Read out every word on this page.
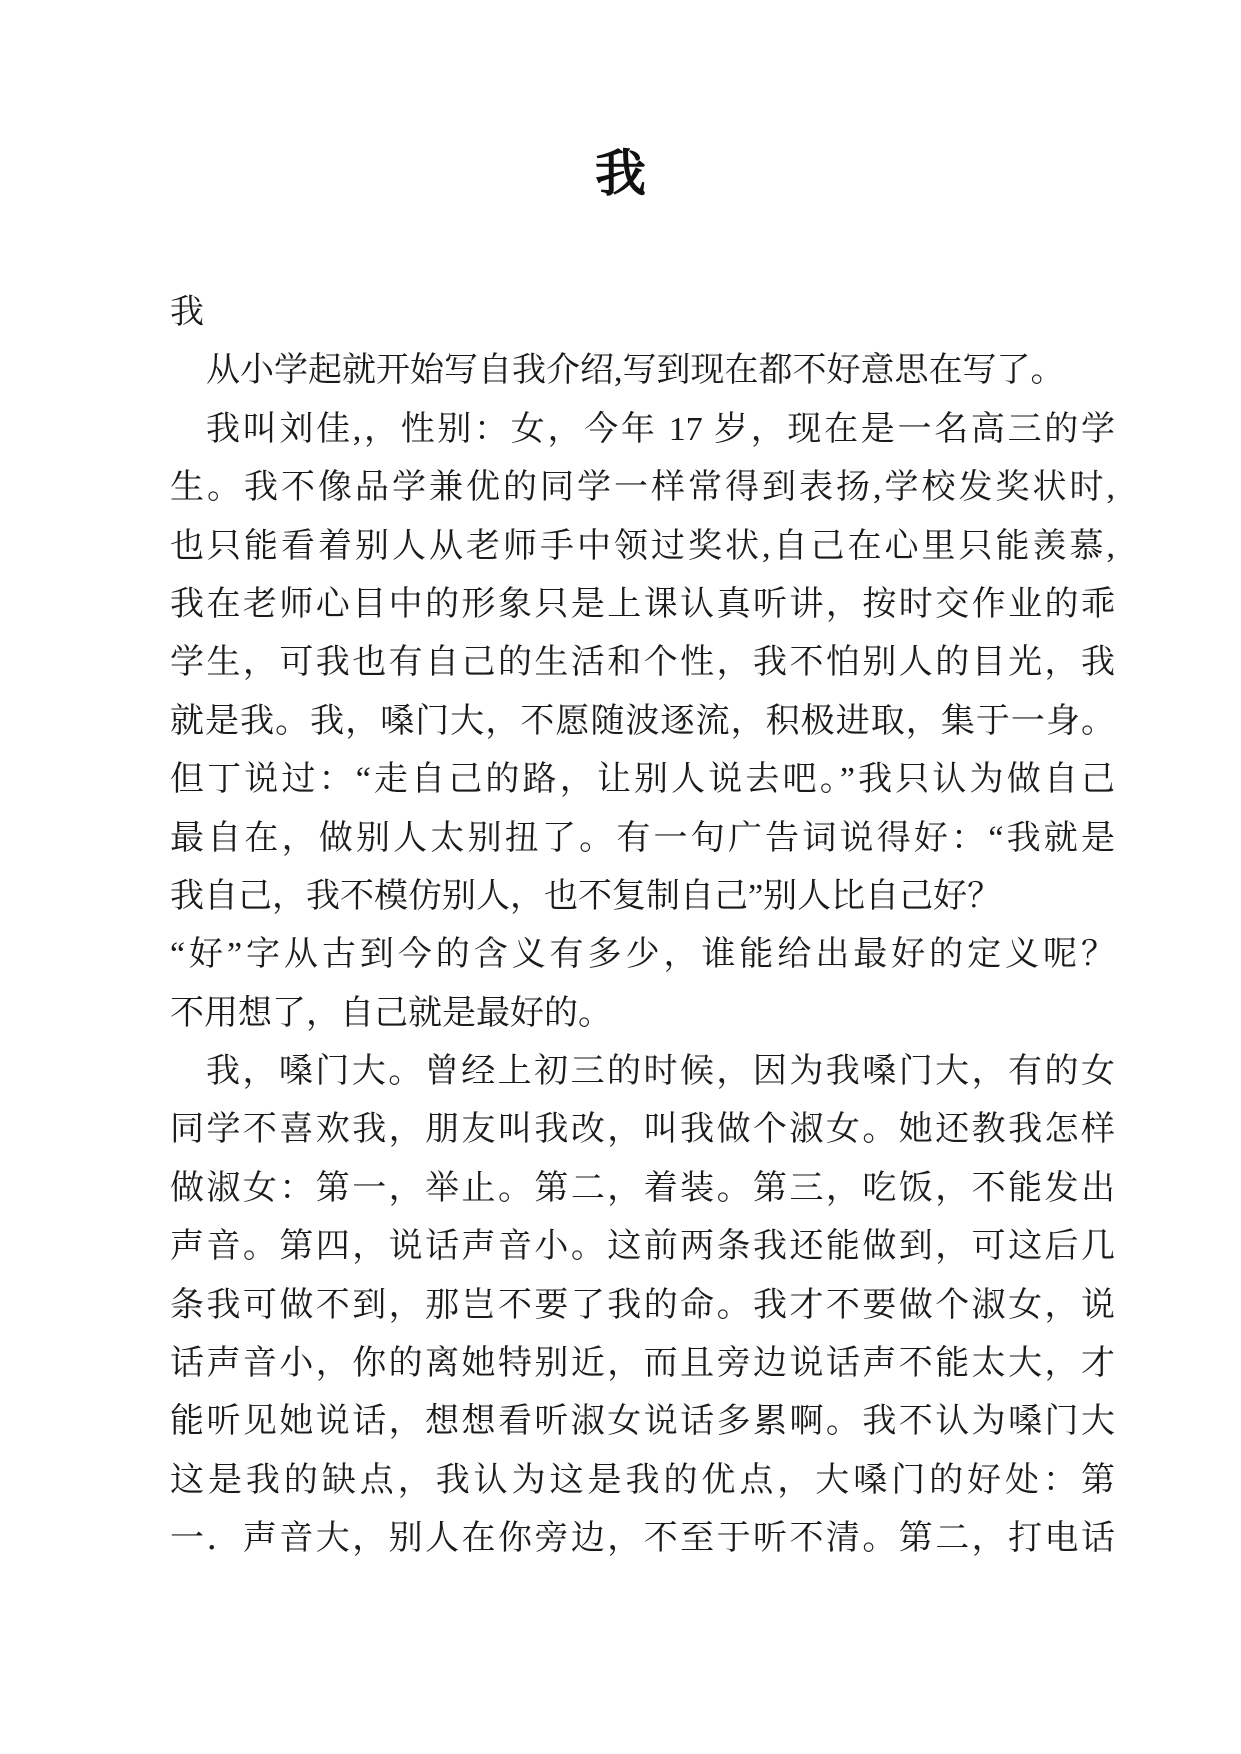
我
我
从小学起就开始写自我介绍,写到现在都不好意思在写了。
我叫刘佳,，性别：女，今年 17 岁，现在是一名高三的学
生。我不像品学兼优的同学一样常得到表扬,学校发奖状时,
也只能看着别人从老师手中领过奖状,自己在心里只能羡慕,
我在老师心目中的形象只是上课认真听讲，按时交作业的乖
学生，可我也有自己的生活和个性，我不怕别人的目光，我
就是我。我，嗓门大，不愿随波逐流，积极进取，集于一身。
但丁说过：“走自己的路，让别人说去吧。”我只认为做自己
最自在，做别人太别扭了。有一句广告词说得好：“我就是
我自己，我不模仿别人，也不复制自己”别人比自己好？
“好”字从古到今的含义有多少，谁能给出最好的定义呢？
不用想了，自己就是最好的。
我，嗓门大。曾经上初三的时候，因为我嗓门大，有的女
同学不喜欢我，朋友叫我改，叫我做个淑女。她还教我怎样
做淑女：第一，举止。第二，着装。第三，吃饭，不能发出
声音。第四，说话声音小。这前两条我还能做到，可这后几
条我可做不到，那岂不要了我的命。我才不要做个淑女，说
话声音小，你的离她特别近，而且旁边说话声不能太大，才
能听见她说话，想想看听淑女说话多累啊。我不认为嗓门大
这是我的缺点，我认为这是我的优点，大嗓门的好处：第
一．声音大，别人在你旁边，不至于听不清。第二，打电话
